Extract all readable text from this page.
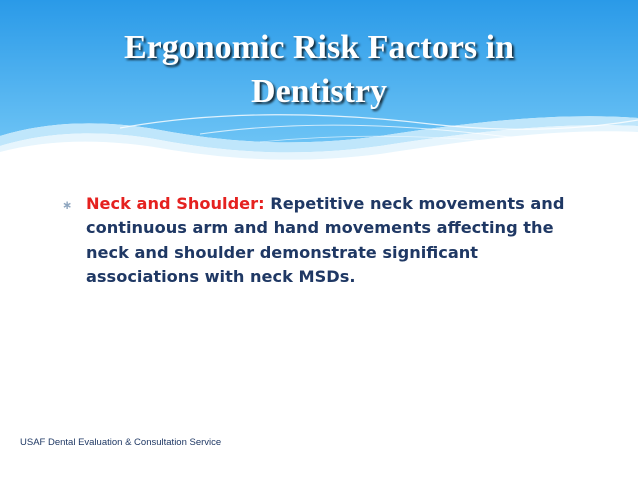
Ergonomic Risk Factors in Dentistry
∗ Neck and Shoulder: Repetitive neck movements and continuous arm and hand movements affecting the neck and shoulder demonstrate significant associations with neck MSDs.
USAF Dental Evaluation & Consultation Service
